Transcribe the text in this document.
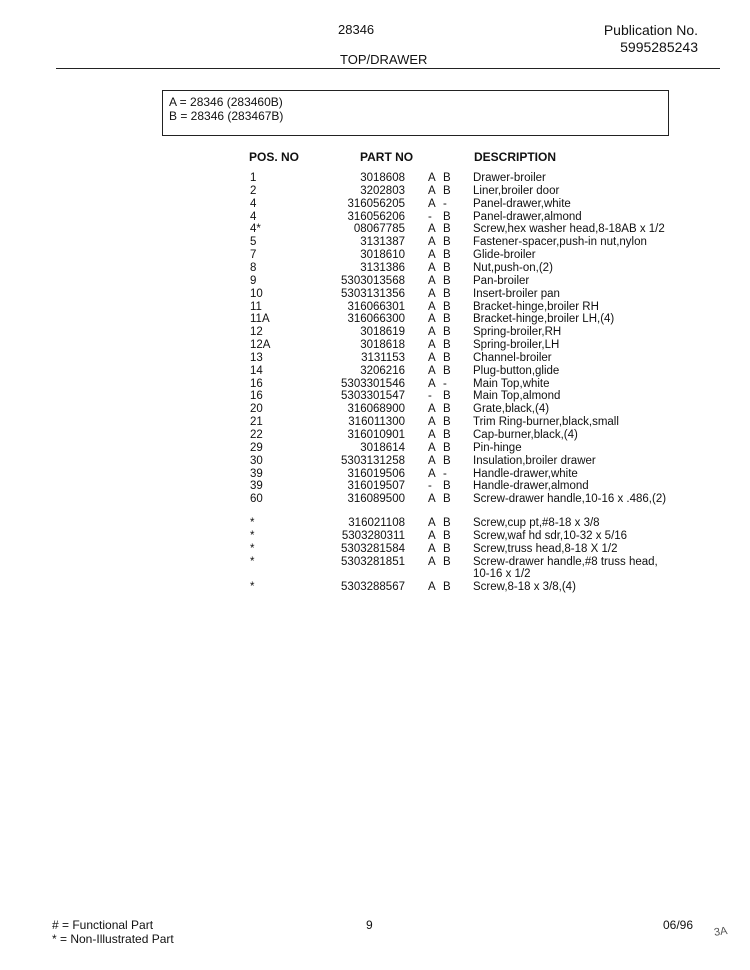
28346	Publication No.
5995285243
TOP/DRAWER
A = 28346 (283460B)
B = 28346 (283467B)
POS. NO	PART NO	DESCRIPTION
1	3018608 A B Drawer-broiler
2	3202803 A B Liner,broiler door
4	316056205 A - Panel-drawer,white
4	316056206 - B Panel-drawer,almond
4*	08067785 A B Screw,hex washer head,8-18AB x 1/2
5	3131387 A B Fastener-spacer,push-in nut,nylon
7	3018610 A B Glide-broiler
8	3131386 A B Nut,push-on,(2)
9	5303013568 A B Pan-broiler
10	5303131356 A B Insert-broiler pan
11	316066301 A B Bracket-hinge,broiler RH
11A	316066300 A B Bracket-hinge,broiler LH,(4)
12	3018619 A B Spring-broiler,RH
12A	3018618 A B Spring-broiler,LH
13	3131153 A B Channel-broiler
14	3206216 A B Plug-button,glide
16	5303301546 A - Main Top,white
16	5303301547 - B Main Top,almond
20	316068900 A B Grate,black,(4)
21	316011300 A B Trim Ring-burner,black,small
22	316010901 A B Cap-burner,black,(4)
29	3018614 A B Pin-hinge
30	5303131258 A B Insulation,broiler drawer
39	316019506 A - Handle-drawer,white
39	316019507 - B Handle-drawer,almond
60	316089500 A B Screw-drawer handle,10-16 x .486,(2)
*	316021108 A B Screw,cup pt,#8-18 x 3/8
*	5303280311 A B Screw,waf hd sdr,10-32 x 5/16
*	5303281584 A B Screw,truss head,8-18 X 1/2
*	5303281851 A B Screw-drawer handle,#8 truss head,
10-16 x 1/2
*	5303288567 A B Screw,8-18 x 3/8,(4)
# = Functional Part
* = Non-Illustrated Part
9	06/96 3A
